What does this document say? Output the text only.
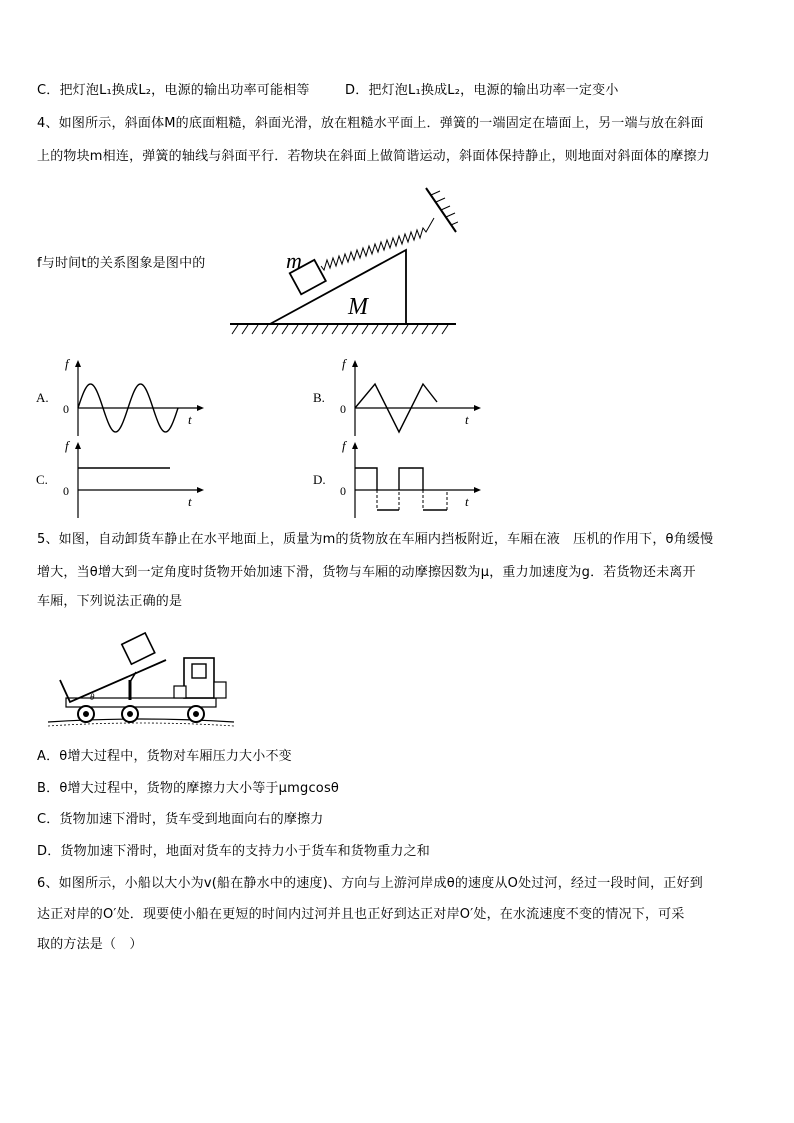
C．把灯泡L₁换成L₂，电源的输出功率可能相等	D．把灯泡L₁换成L₂，电源的输出功率一定变小
4、如图所示，斜面体M的底面粗糙，斜面光滑，放在粗糙水平面上．弹簧的一端固定在墙面上，另一端与放在斜面
上的物块m相连，弹簧的轴线与斜面平行．若物块在斜面上做简谐运动，斜面体保持静止，则地面对斜面体的摩擦力
f与时间t的关系图象是图中的	m
M
A.
f
t
0
B.
f
t
0
C.
f
t
0
D.
f
t
0
5、如图，自动卸货车静止在水平地面上，质量为m的货物放在车厢内挡板附近，车厢在液　压机的作用下，θ角缓慢
增大，当θ增大到一定角度时货物开始加速下滑，货物与车厢的动摩擦因数为μ，重力加速度为g．若货物还未离开
车厢，下列说法正确的是
θ
A．θ增大过程中，货物对车厢压力大小不变
B．θ增大过程中，货物的摩擦力大小等于μmgcosθ
C．货物加速下滑时，货车受到地面向右的摩擦力
D．货物加速下滑时，地面对货车的支持力小于货车和货物重力之和
6、如图所示，小船以大小为v(船在静水中的速度)、方向与上游河岸成θ的速度从O处过河，经过一段时间，正好到
达正对岸的O′处．现要使小船在更短的时间内过河并且也正好到达正对岸O′处，在水流速度不变的情况下，可采
取的方法是（　）
